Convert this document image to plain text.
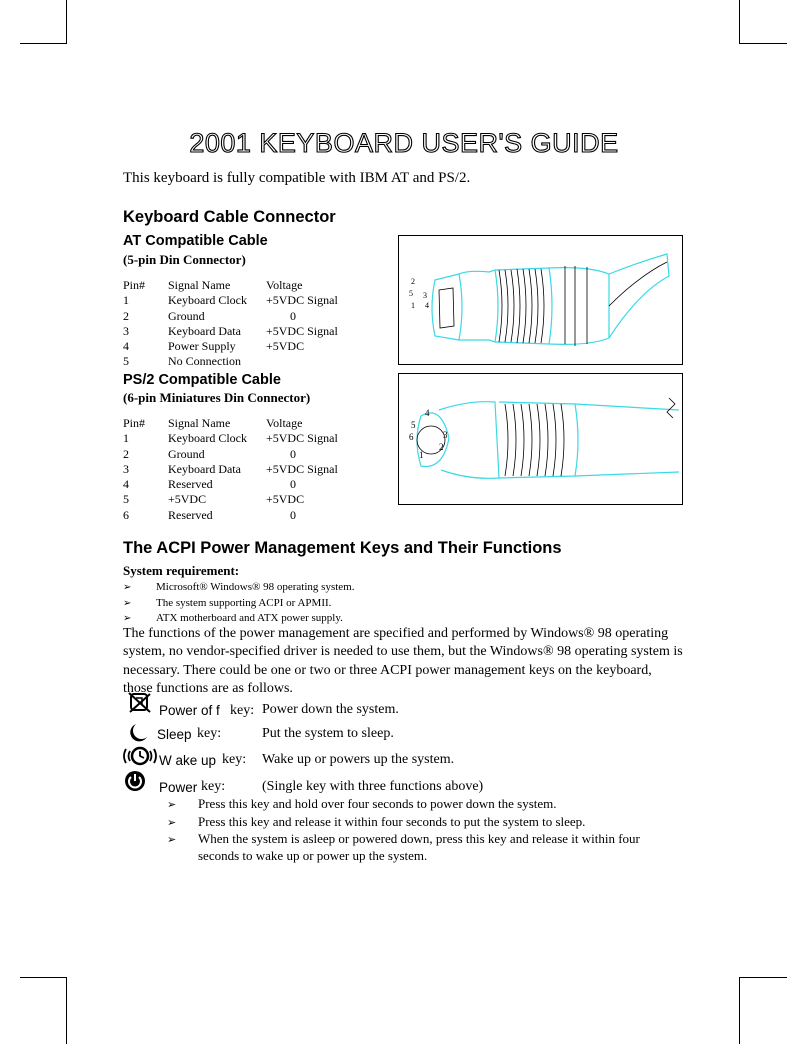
2001 KEYBOARD USER'S GUIDE
This keyboard is fully compatible with IBM AT and PS/2.
Keyboard Cable Connector
AT Compatible Cable
(5-pin Din Connector)
Pin#	Signal Name	Voltage
1	Keyboard Clock	+5VDC Signal
2	Ground	0
3	Keyboard Data	+5VDC Signal
4	Power Supply	+5VDC
5	No Connection
2
5 3
1 4
PS/2 Compatible Cable
(6-pin Miniatures Din Connector)
Pin#	Signal Name	Voltage
1	Keyboard Clock	+5VDC Signal
2	Ground	0
3	Keyboard Data	+5VDC Signal
4	Reserved	0
5	+5VDC	+5VDC
6	Reserved	0
4
5
6	3
2
1
The ACPI Power Management Keys and Their Functions
System requirement:
➢	Microsoft® Windows® 98 operating system.
➢	The system supporting ACPI or APMII.
➢	ATX motherboard and ATX power supply.
The functions of the power management are specified and performed by Windows® 98 operating system, no vendor-specified driver is needed to use them, but the Windows® 98 operating system is necessary. There could be one or two or three ACPI power management keys on the keyboard, those functions are as follows.
Power of f key: Power down the system.
Sleep key:	Put the system to sleep.
W ake up key: Wake up or powers up the system.
Power key:	(Single key with three functions above)
➢	Press this key and hold over four seconds to power down the system.
➢	Press this key and release it within four seconds to put the system to sleep.
➢	When the system is asleep or powered down, press this key and release it within four seconds to wake up or power up the system.
